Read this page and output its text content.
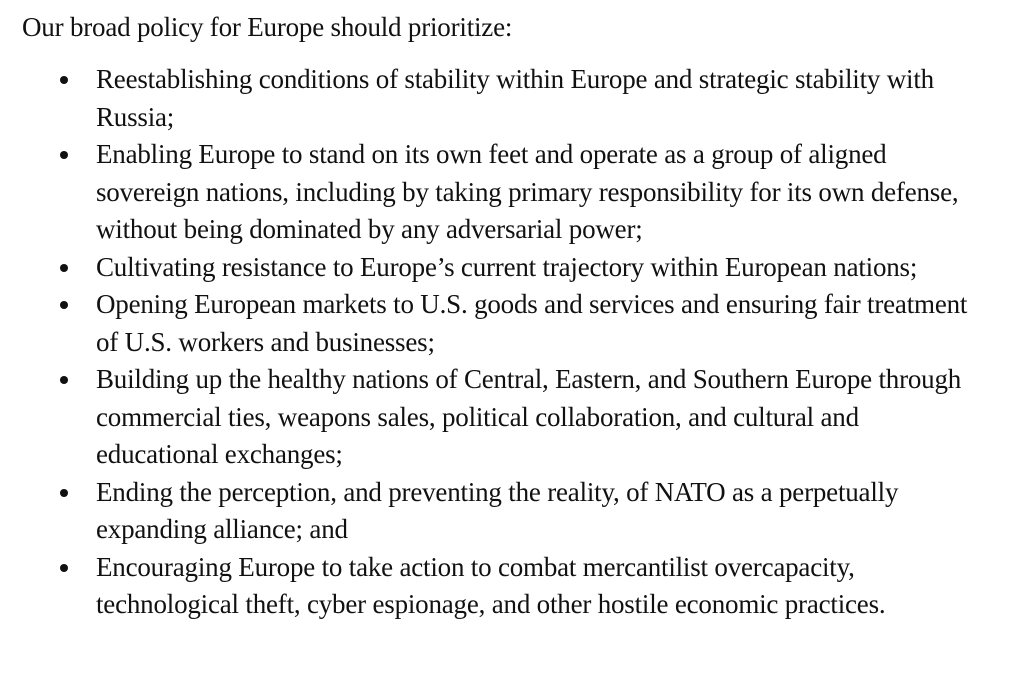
Our broad policy for Europe should prioritize:

Reestablishing conditions of stability within Europe and strategic stability with Russia;
Enabling Europe to stand on its own feet and operate as a group of aligned sovereign nations, including by taking primary responsibility for its own defense, without being dominated by any adversarial power;
Cultivating resistance to Europe’s current trajectory within European nations;
Opening European markets to U.S. goods and services and ensuring fair treatment of U.S. workers and businesses;
Building up the healthy nations of Central, Eastern, and Southern Europe through commercial ties, weapons sales, political collaboration, and cultural and educational exchanges;
Ending the perception, and preventing the reality, of NATO as a perpetually expanding alliance; and
Encouraging Europe to take action to combat mercantilist overcapacity, technological theft, cyber espionage, and other hostile economic practices.
